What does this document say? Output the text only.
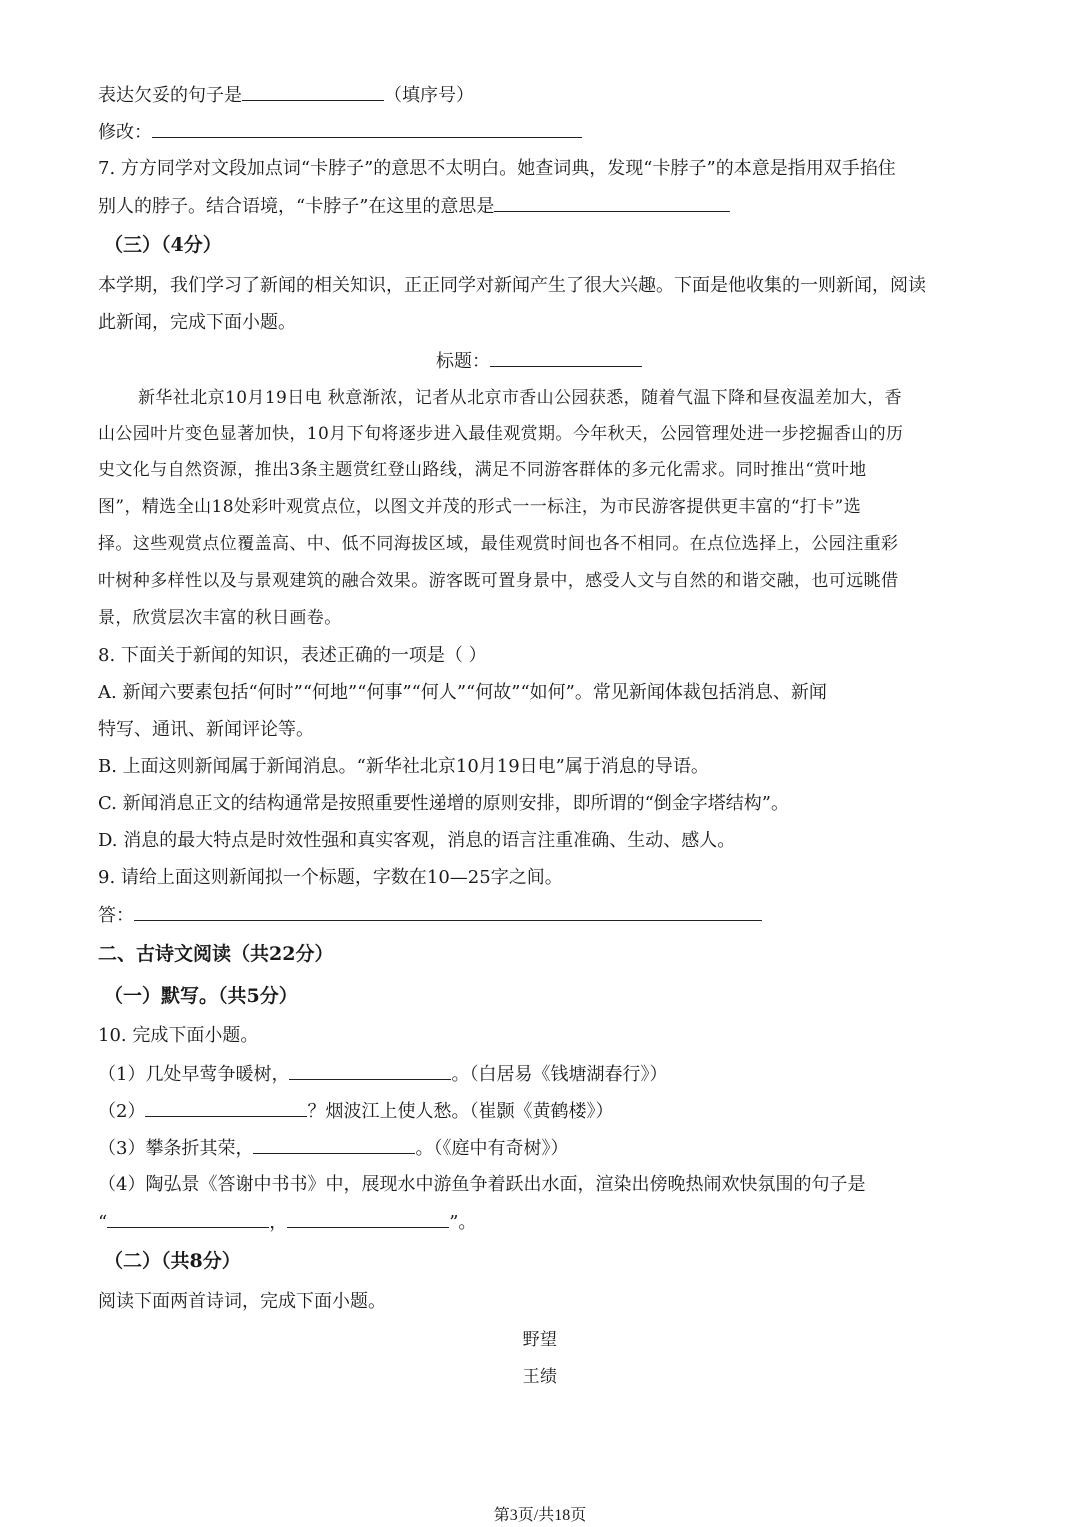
表达欠妥的句子是	（填序号）
修改：
7. 方方同学对文段加点词“卡脖子”的意思不太明白。她查词典，发现“卡脖子”的本意是指用双手掐住
别人的脖子。结合语境，“卡脖子”在这里的意思是
（三）（4分）
本学期，我们学习了新闻的相关知识，正正同学对新闻产生了很大兴趣。下面是他收集的一则新闻，阅读
此新闻，完成下面小题。
标题：
新华社北京10月19日电 秋意渐浓，记者从北京市香山公园获悉，随着气温下降和昼夜温差加大，香
山公园叶片变色显著加快，10月下旬将逐步进入最佳观赏期。今年秋天，公园管理处进一步挖掘香山的历
史文化与自然资源，推出3条主题赏红登山路线，满足不同游客群体的多元化需求。同时推出“赏叶地
图”，精选全山18处彩叶观赏点位，以图文并茂的形式一一标注，为市民游客提供更丰富的“打卡”选
择。这些观赏点位覆盖高、中、低不同海拔区域，最佳观赏时间也各不相同。在点位选择上，公园注重彩
叶树种多样性以及与景观建筑的融合效果。游客既可置身景中，感受人文与自然的和谐交融，也可远眺借
景，欣赏层次丰富的秋日画卷。
8. 下面关于新闻的知识，表述正确的一项是（ ）
A. 新闻六要素包括“何时”“何地”“何事”“何人”“何故”“如何”。常见新闻体裁包括消息、新闻
特写、通讯、新闻评论等。
B. 上面这则新闻属于新闻消息。“新华社北京10月19日电”属于消息的导语。
C. 新闻消息正文的结构通常是按照重要性递增的原则安排，即所谓的“倒金字塔结构”。
D. 消息的最大特点是时效性强和真实客观，消息的语言注重准确、生动、感人。
9. 请给上面这则新闻拟一个标题，字数在10—25字之间。
答：
二、古诗文阅读（共22分）
（一）默写。（共5分）
10. 完成下面小题。
（1）几处早莺争暖树，	。（白居易《钱塘湖春行》）
（2）	？烟波江上使人愁。（崔颢《黄鹤楼》）
（3）攀条折其荣，	。（《庭中有奇树》）
（4）陶弘景《答谢中书书》中，展现水中游鱼争着跃出水面，渲染出傍晚热闹欢快氛围的句子是
“	，	”。
（二）（共8分）
阅读下面两首诗词，完成下面小题。
野望
王绩
第3页/共18页
